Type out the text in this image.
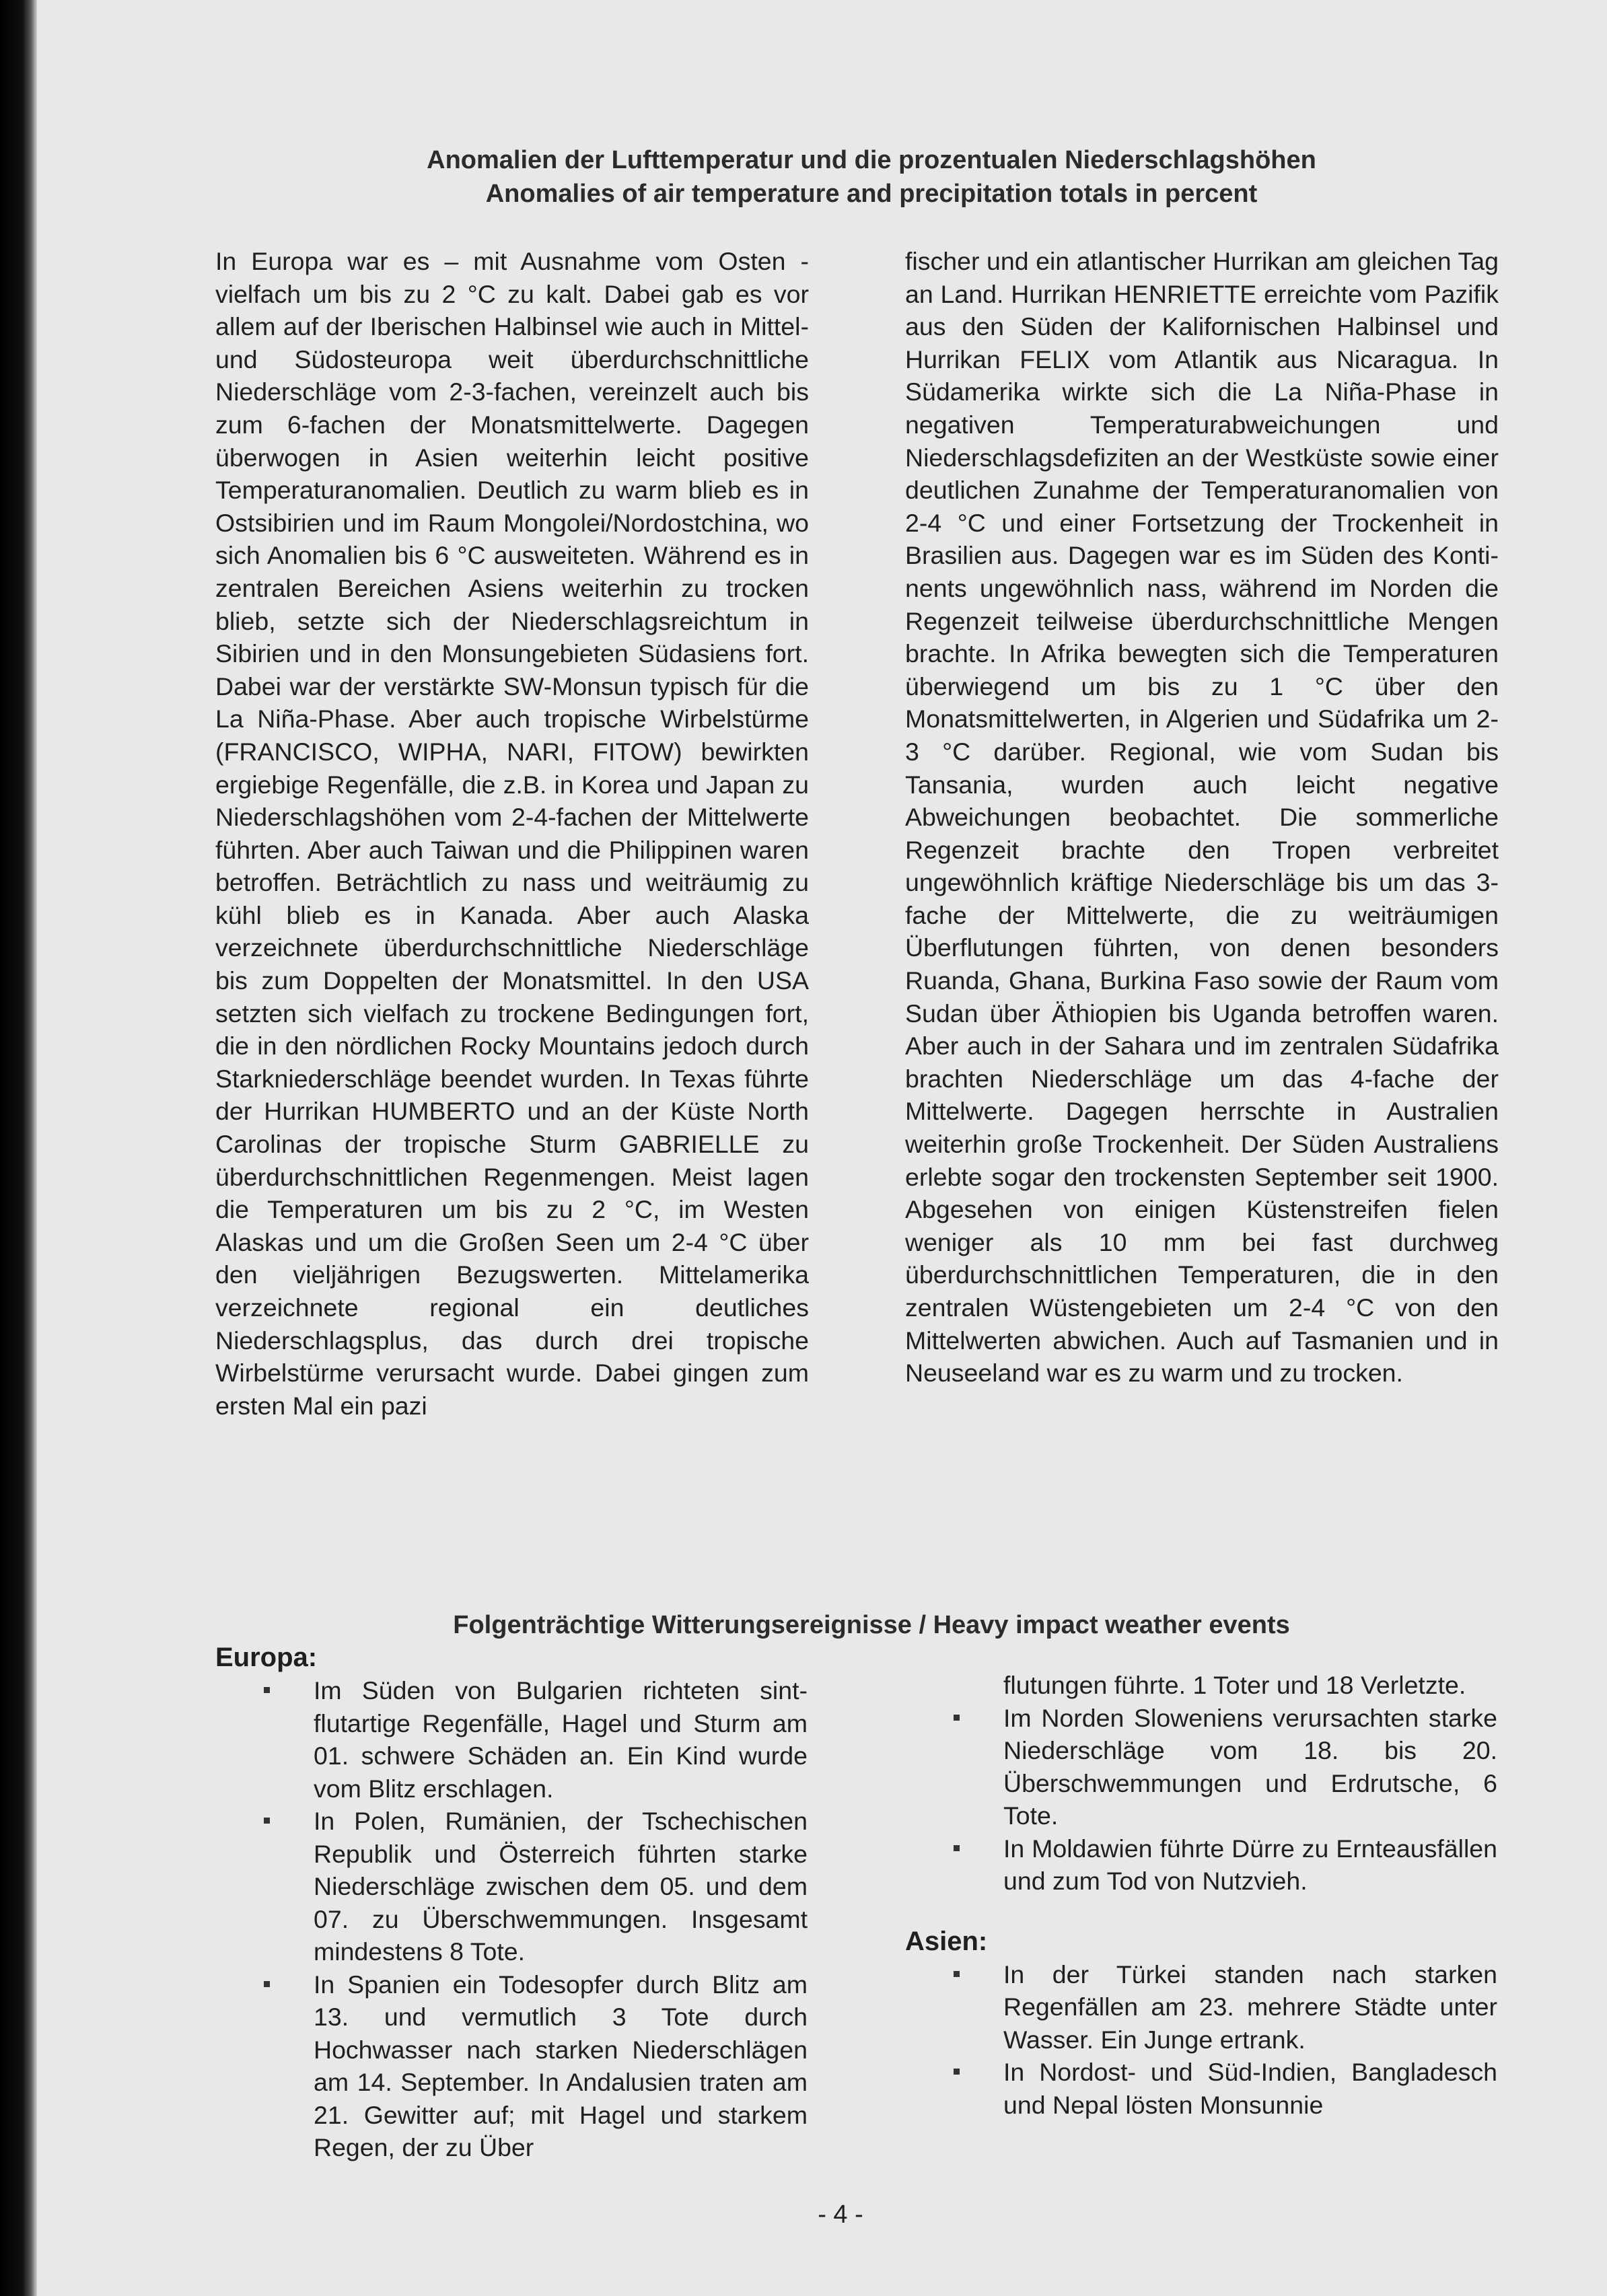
Anomalien der Lufttemperatur und die prozentualen Niederschlagshöhen
Anomalies of air temperature and precipitation totals in percent

In Europa war es – mit Ausnahme vom Osten - vielfach um bis zu 2 °C zu kalt. Dabei gab es vor allem auf der Iberischen Halbinsel wie auch in Mittel- und Südosteuropa weit überdurchschnittliche Niederschläge vom 2-3-fachen, vereinzelt auch bis zum 6-fachen der Monatsmittelwerte. Dagegen überwogen in Asien weiterhin leicht positive Temperaturanomalien. Deutlich zu warm blieb es in Ostsibirien und im Raum Mongolei/Nordostchina, wo sich Anomalien bis 6 °C ausweiteten. Während es in zentralen Bereichen Asiens weiterhin zu trocken blieb, setzte sich der Niederschlagsreichtum in Sibirien und in den Monsungebieten Südasiens fort. Dabei war der verstärkte SW-Monsun typisch für die La Niña-Phase. Aber auch tropische Wirbelstürme (FRANCISCO, WIPHA, NARI, FITOW) bewirkten ergiebige Regenfälle, die z.B. in Korea und Japan zu Niederschlagshöhen vom 2-4-fachen der Mittelwerte führten. Aber auch Taiwan und die Philippinen waren betroffen. Beträchtlich zu nass und weiträumig zu kühl blieb es in Kanada. Aber auch Alaska verzeichnete überdurchschnittliche Niederschläge bis zum Doppelten der Monatsmittel. In den USA setzten sich vielfach zu trockene Bedingungen fort, die in den nördlichen Rocky Mountains jedoch durch Starkniederschläge beendet wurden. In Texas führte der Hurrikan HUMBERTO und an der Küste North Carolinas der tropische Sturm GABRIELLE zu überdurchschnittlichen Regenmengen. Meist lagen die Temperaturen um bis zu 2 °C, im Westen Alaskas und um die Großen Seen um 2-4 °C über den vieljährigen Bezugswerten. Mittelamerika verzeichnete regional ein deutliches Niederschlagsplus, das durch drei tropische Wirbelstürme verursacht wurde. Dabei gingen zum ersten Mal ein pazi

fischer und ein atlantischer Hurrikan am gleichen Tag an Land. Hurrikan HENRIETTE erreichte vom Pazifik aus den Süden der Kalifornischen Halbinsel und Hurrikan FELIX vom Atlantik aus Nicaragua. In Südamerika wirkte sich die La Niña-Phase in negativen Temperaturabweichungen und Niederschlagsdefiziten an der Westküste sowie einer deutlichen Zunahme der Temperaturanomalien von 2-4 °C und einer Fortsetzung der Trockenheit in Brasilien aus. Dagegen war es im Süden des Kontinents ungewöhnlich nass, während im Norden die Regenzeit teilweise überdurchschnittliche Mengen brachte. In Afrika bewegten sich die Temperaturen überwiegend um bis zu 1 °C über den Monatsmittelwerten, in Algerien und Südafrika um 2-3 °C darüber. Regional, wie vom Sudan bis Tansania, wurden auch leicht negative Abweichungen beobachtet. Die sommerliche Regenzeit brachte den Tropen verbreitet ungewöhnlich kräftige Niederschläge bis um das 3-fache der Mittelwerte, die zu weiträumigen Überflutungen führten, von denen besonders Ruanda, Ghana, Burkina Faso sowie der Raum vom Sudan über Äthiopien bis Uganda betroffen waren. Aber auch in der Sahara und im zentralen Südafrika brachten Niederschläge um das 4-fache der Mittelwerte. Dagegen herrschte in Australien weiterhin große Trockenheit. Der Süden Australiens erlebte sogar den trockensten September seit 1900. Abgesehen von einigen Küstenstreifen fielen weniger als 10 mm bei fast durchweg überdurchschnittlichen Temperaturen, die in den zentralen Wüstengebieten um 2-4 °C von den Mittelwerten abwichen. Auch auf Tasmanien und in Neuseeland war es zu warm und zu trocken.

Folgenträchtige Witterungsereignisse / Heavy impact weather events

Europa:

Im Süden von Bulgarien richteten sintflutartige Regenfälle, Hagel und Sturm am 01. schwere Schäden an. Ein Kind wurde vom Blitz erschlagen.
In Polen, Rumänien, der Tschechischen Republik und Österreich führten starke Niederschläge zwischen dem 05. und dem 07. zu Überschwemmungen. Insgesamt mindestens 8 Tote.
In Spanien ein Todesopfer durch Blitz am 13. und vermutlich 3 Tote durch Hochwasser nach starken Niederschlägen am 14. September. In Andalusien traten am 21. Gewitter auf; mit Hagel und starkem Regen, der zu Über

flutungen führte. 1 Toter und 18 Verletzte.

Im Norden Sloweniens verursachten starke Niederschläge vom 18. bis 20. Überschwemmungen und Erdrutsche, 6 Tote.
In Moldawien führte Dürre zu Ernteausfällen und zum Tod von Nutzvieh.

Asien:

In der Türkei standen nach starken Regenfällen am 23. mehrere Städte unter Wasser. Ein Junge ertrank.
In Nordost- und Süd-Indien, Bangladesch und Nepal lösten Monsunnie
- 4 -
